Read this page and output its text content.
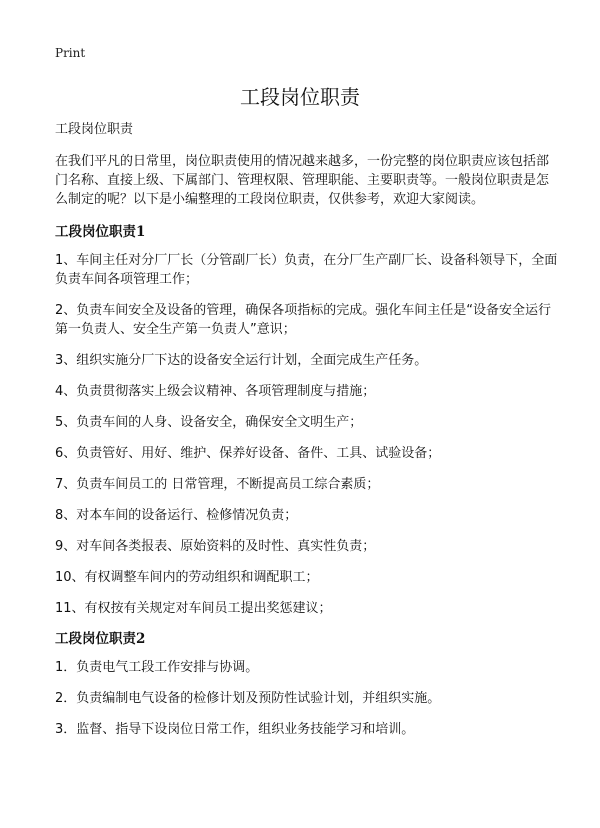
Print
工段岗位职责

工段岗位职责

在我们平凡的日常里，岗位职责使用的情况越来越多，一份完整的岗位职责应该包括部门名称、直接上级、下属部门、管理权限、管理职能、主要职责等。一般岗位职责是怎么制定的呢？以下是小编整理的工段岗位职责，仅供参考，欢迎大家阅读。

工段岗位职责1

1、车间主任对分厂厂长（分管副厂长）负责，在分厂生产副厂长、设备科领导下，全面负责车间各项管理工作；

2、负责车间安全及设备的管理，确保各项指标的完成。强化车间主任是“设备安全运行第一负责人、安全生产第一负责人”意识；

3、组织实施分厂下达的设备安全运行计划，全面完成生产任务。

4、负责贯彻落实上级会议精神、各项管理制度与措施；

5、负责车间的人身、设备安全，确保安全文明生产；

6、负责管好、用好、维护、保养好设备、备件、工具、试验设备；

7、负责车间员工的 日常管理，不断提高员工综合素质；

8、对本车间的设备运行、检修情况负责；

9、对车间各类报表、原始资料的及时性、真实性负责；

10、有权调整车间内的劳动组织和调配职工；

11、有权按有关规定对车间员工提出奖惩建议；

工段岗位职责2

1．负责电气工段工作安排与协调。

2．负责编制电气设备的检修计划及预防性试验计划，并组织实施。

3．监督、指导下设岗位日常工作，组织业务技能学习和培训。
